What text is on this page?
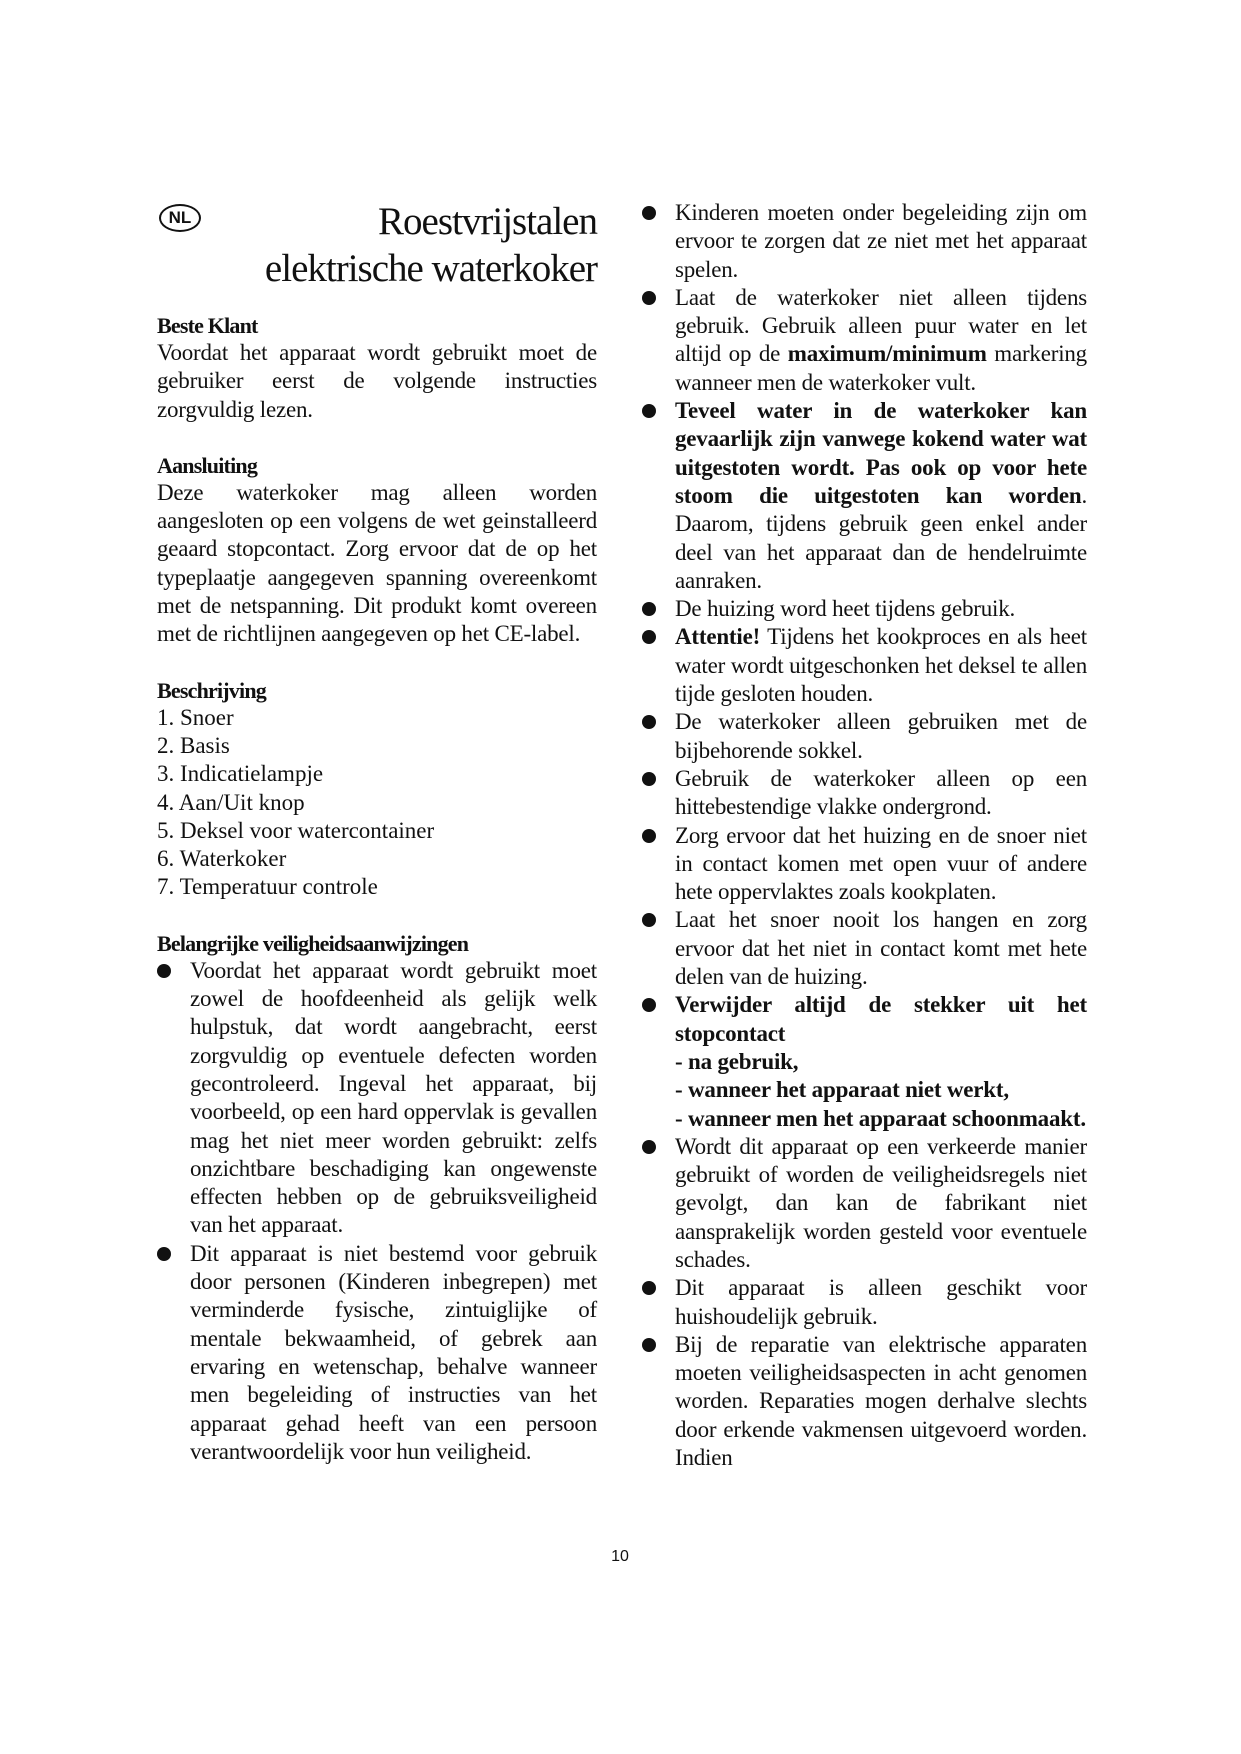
NL	Roestvrijstalen
elektrische waterkoker
Beste Klant
Voordat het apparaat wordt gebruikt moet de gebruiker eerst de volgende instructies zorgvuldig lezen.
Aansluiting
Deze waterkoker mag alleen worden aangesloten op een volgens de wet geinstalleerd geaard stopcontact. Zorg ervoor dat de op het typeplaatje aangegeven spanning overeenkomt met de netspanning. Dit produkt komt overeen met de richtlijnen aangegeven op het CE-label.
Beschrijving
1. Snoer
2. Basis
3. Indicatielampje
4. Aan/Uit knop
5. Deksel voor watercontainer
6. Waterkoker
7. Temperatuur controle
Belangrijke veiligheidsaanwijzingen
Voordat het apparaat wordt gebruikt moet zowel de hoofdeenheid als gelijk welk hulpstuk, dat wordt aangebracht, eerst zorgvuldig op eventuele defecten worden gecontroleerd. Ingeval het apparaat, bij voorbeeld, op een hard oppervlak is gevallen mag het niet meer worden gebruikt: zelfs onzichtbare beschadiging kan ongewenste effecten hebben op de gebruiksveiligheid van het apparaat.
Dit apparaat is niet bestemd voor gebruik door personen (Kinderen inbegrepen) met verminderde fysische, zintuiglijke of mentale bekwaamheid, of gebrek aan ervaring en wetenschap, behalve wanneer men begeleiding of instructies van het apparaat gehad heeft van een persoon verantwoordelijk voor hun veiligheid.
Kinderen moeten onder begeleiding zijn om ervoor te zorgen dat ze niet met het apparaat spelen.
Laat de waterkoker niet alleen tijdens gebruik. Gebruik alleen puur water en let altijd op de maximum/minimum markering wanneer men de waterkoker vult.
Teveel water in de waterkoker kan gevaarlijk zijn vanwege kokend water wat uitgestoten wordt. Pas ook op voor hete stoom die uitgestoten kan worden. Daarom, tijdens gebruik geen enkel ander deel van het apparaat dan de hendelruimte aanraken.
De huizing word heet tijdens gebruik.
Attentie! Tijdens het kookproces en als heet water wordt uitgeschonken het deksel te allen tijde gesloten houden.
De waterkoker alleen gebruiken met de bijbehorende sokkel.
Gebruik de waterkoker alleen op een hittebestendige vlakke ondergrond.
Zorg ervoor dat het huizing en de snoer niet in contact komen met open vuur of andere hete oppervlaktes zoals kookplaten.
Laat het snoer nooit los hangen en zorg ervoor dat het niet in contact komt met hete delen van de huizing.
Verwijder altijd de stekker uit het stopcontact
- na gebruik,
- wanneer het apparaat niet werkt,
- wanneer men het apparaat schoonmaakt.
Wordt dit apparaat op een verkeerde manier gebruikt of worden de veiligheidsregels niet gevolgt, dan kan de fabrikant niet aansprakelijk worden gesteld voor eventuele schades.
Dit apparaat is alleen geschikt voor huishoudelijk gebruik.
Bij de reparatie van elektrische apparaten moeten veiligheidsaspecten in acht genomen worden. Reparaties mogen derhalve slechts door erkende vakmensen uitgevoerd worden. Indien
10
